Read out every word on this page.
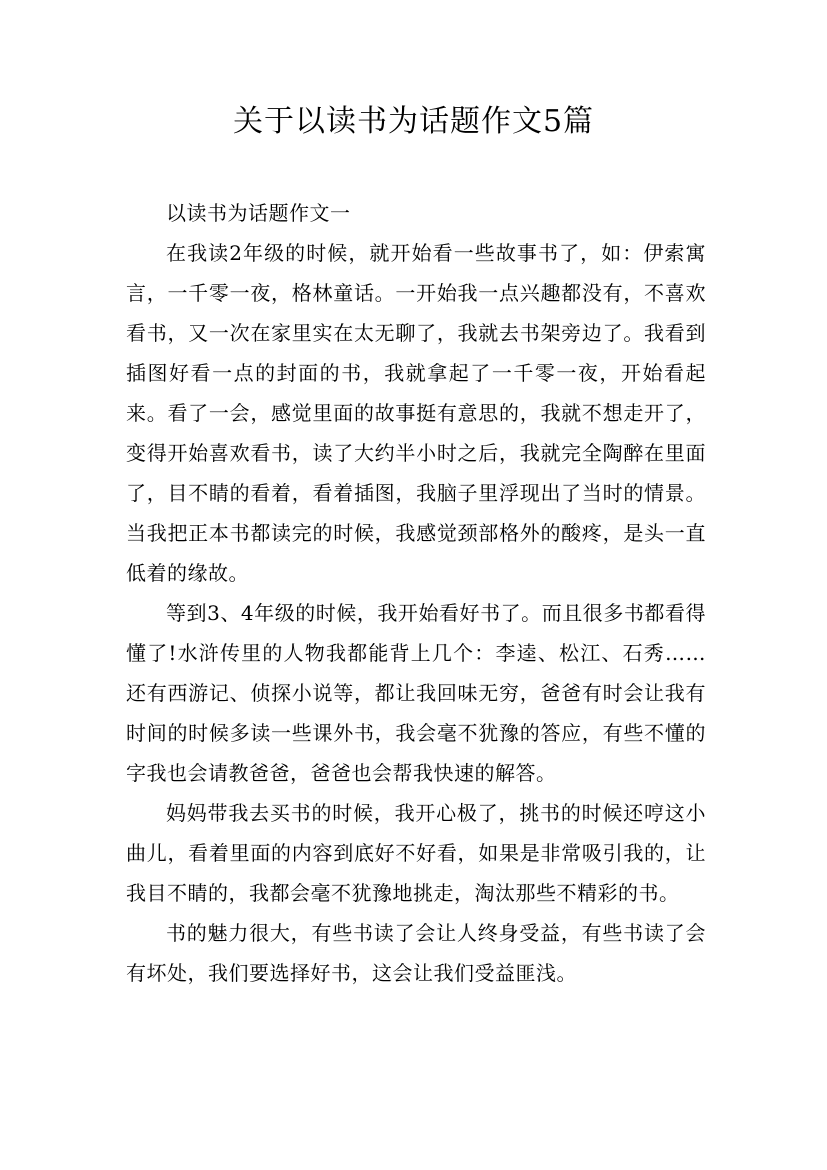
关于以读书为话题作文5篇

以读书为话题作文一

在我读2年级的时候，就开始看一些故事书了，如：伊索寓言，一千零一夜，格林童话。一开始我一点兴趣都没有，不喜欢看书，又一次在家里实在太无聊了，我就去书架旁边了。我看到插图好看一点的封面的书，我就拿起了一千零一夜，开始看起来。看了一会，感觉里面的故事挺有意思的，我就不想走开了，变得开始喜欢看书，读了大约半小时之后，我就完全陶醉在里面了，目不睛的看着，看着插图，我脑子里浮现出了当时的情景。当我把正本书都读完的时候，我感觉颈部格外的酸疼，是头一直低着的缘故。

等到3、4年级的时候，我开始看好书了。而且很多书都看得懂了!水浒传里的人物我都能背上几个：李逵、松江、石秀……还有西游记、侦探小说等，都让我回味无穷，爸爸有时会让我有时间的时候多读一些课外书，我会毫不犹豫的答应，有些不懂的字我也会请教爸爸，爸爸也会帮我快速的解答。

妈妈带我去买书的时候，我开心极了，挑书的时候还哼这小曲儿，看着里面的内容到底好不好看，如果是非常吸引我的，让我目不睛的，我都会毫不犹豫地挑走，淘汰那些不精彩的书。

书的魅力很大，有些书读了会让人终身受益，有些书读了会有坏处，我们要选择好书，这会让我们受益匪浅。
